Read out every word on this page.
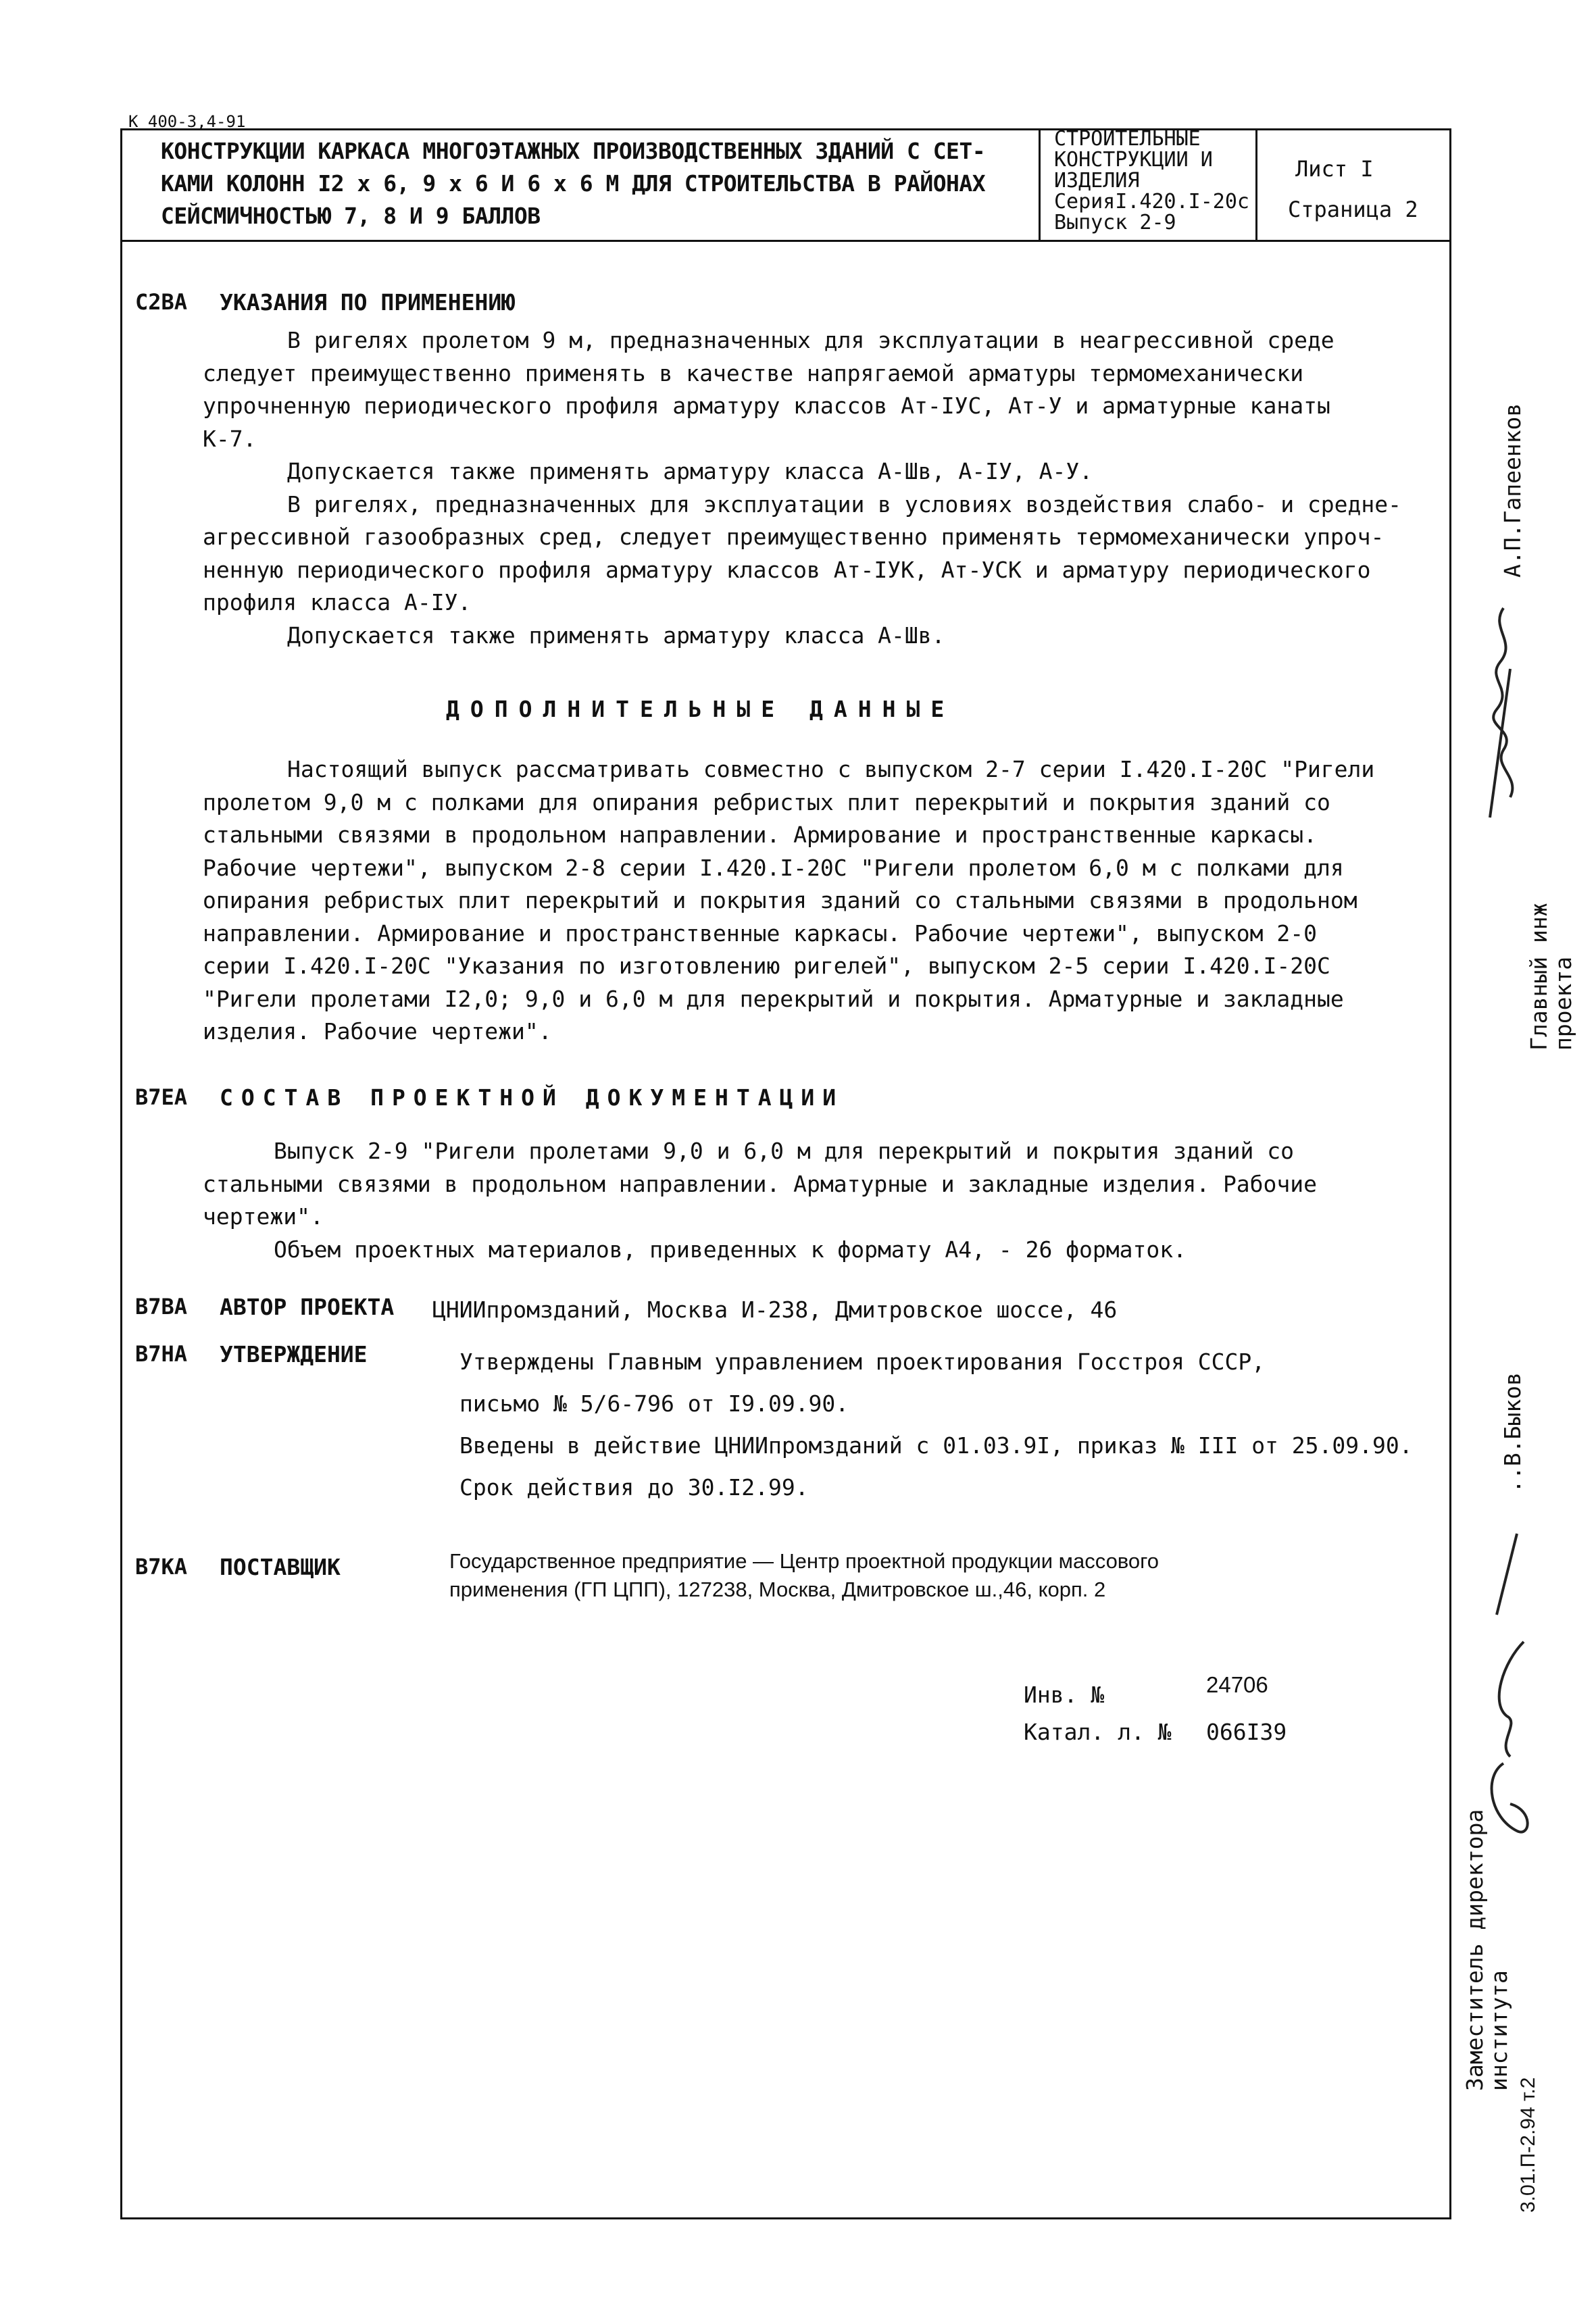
К 400-3,4-91
КОНСТРУКЦИИ КАРКАСА МНОГОЭТАЖНЫХ ПРОИЗВОДСТВЕННЫХ ЗДАНИЙ С СЕТ-
КАМИ КОЛОНН I2 х 6, 9 х 6 И 6 х 6 М ДЛЯ СТРОИТЕЛЬСТВА В РАЙОНАХ
СЕЙСМИЧНОСТЬЮ 7, 8 И 9 БАЛЛОВ
СТРОИТЕЛЬНЫЕ
КОНСТРУКЦИИ И
ИЗДЕЛИЯ
СерияI.420.I-20с
Выпуск 2-9
Лист I
Страница 2
C2ВА УКАЗАНИЯ ПО ПРИМЕНЕНИЮ

В ригелях пролетом 9 м, предназначенных для эксплуатации в неагрессивной среде

следует преимущественно применять в качестве напрягаемой арматуры термомеханически

упрочненную периодического профиля арматуру классов Ат-IУС, Ат-У и арматурные канаты

К-7.

Допускается также применять арматуру класса А-Шв, А-IУ, А-У.

В ригелях, предназначенных для эксплуатации в условиях воздействия слабо- и средне-

агрессивной газообразных сред, следует преимущественно применять термомеханически упроч-

ненную периодического профиля арматуру классов Ат-IУК, Ат-УСК и арматуру периодического

профиля класса А-IУ.

Допускается также применять арматуру класса А-Шв.

ДОПОЛНИТЕЛЬНЫЕ ДАННЫЕ

Настоящий выпуск рассматривать совместно с выпуском 2-7 серии I.420.I-20С "Ригели

пролетом 9,0 м с полками для опирания ребристых плит перекрытий и покрытия зданий со

стальными связями в продольном направлении. Армирование и пространственные каркасы.

Рабочие чертежи", выпуском 2-8 серии I.420.I-20С "Ригели пролетом 6,0 м с полками для

опирания ребристых плит перекрытий и покрытия зданий со стальными связями в продольном

направлении. Армирование и пространственные каркасы. Рабочие чертежи", выпуском 2-0

серии I.420.I-20С "Указания по изготовлению ригелей", выпуском 2-5 серии I.420.I-20С

"Ригели пролетами I2,0; 9,0 и 6,0 м для перекрытий и покрытия. Арматурные и закладные

изделия. Рабочие чертежи".

В7ЕА СОСТАВ ПРОЕКТНОЙ ДОКУМЕНТАЦИИ

Выпуск 2-9 "Ригели пролетами 9,0 и 6,0 м для перекрытий и покрытия зданий со

стальными связями в продольном направлении. Арматурные и закладные изделия. Рабочие

чертежи".

Объем проектных материалов, приведенных к формату А4, - 26 форматок.

В7ВА АВТОР ПРОЕКТА ЦНИИпромзданий, Москва И-238, Дмитровское шоссе, 46
В7НА УТВЕРЖДЕНИЕ	Утверждены Главным управлением проектирования Госстроя СССР,

письмо № 5/6-796 от I9.09.90.

Введены в действие ЦНИИпромзданий с 01.03.9I, приказ № III от 25.09.90.

Срок действия до 30.I2.99.

В7КА ПОСТАВЩИК	Государственное предприятие — Центр проектной продукции массового
применения (ГП ЦПП), 127238, Москва, Дмитровское ш.,46, корп. 2
Инв. №	24706
Катал. л. № 066I39
А.П.Гапеенков
Главный инж
проекта
..В.Быков
Заместитель директора
института
3.01.П-2.94 т.2
